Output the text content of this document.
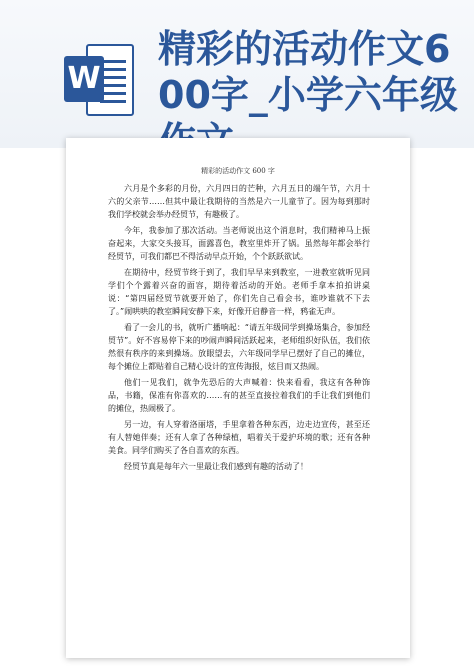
W
精彩的活动作文600字_小学六年级
精彩的活动作文 600 字

六月是个多彩的月份，六月四日的芒种，六月五日的端午节，六月十六的父亲节……但其中最让我期待的当然是六一儿童节了。因为每到那时我们学校就会举办经贸节，有趣极了。

今年，我参加了那次活动。当老师说出这个消息时，我们精神马上振奋起来，大家交头接耳，面露喜色，教室里炸开了锅。虽然每年都会举行经贸节，可我们都巴不得活动早点开始，个个跃跃欲试。

在期待中，经贸节终于到了，我们早早来到教室，一进教室就听见同学们个个露着兴奋的面容，期待着活动的开始。老师手拿本拍拍讲桌说：“第四届经贸节就要开始了，你们先自己看会书，谁吵谁就不下去了。”闹哄哄的教室瞬间安静下来，好像开启静音一样，鸦雀无声。

看了一会儿的书，就听广播响起：“请五年级同学到操场集合，参加经贸节”。好不容易停下来的吵闹声瞬间活跃起来，老师组织好队伍，我们依然很有秩序的来到操场。放眼望去，六年级同学早已摆好了自己的摊位，每个摊位上都贴着自己精心设计的宣传海报，炫目而又热闹。

他们一见我们，就争先恐后的大声喊着：快来看看，我这有各种饰品，书籍，保准有你喜欢的……有的甚至直接拉着我们的手让我们到他们的摊位，热闹极了。

另一边，有人穿着洛丽塔，手里拿着各种东西，边走边宣传，甚至还有人替她伴奏；还有人拿了各种绿植，唱着关于爱护环境的歌；还有各种美食。同学们购买了各自喜欢的东西。

经贸节真是每年六一里最让我们感到有趣的活动了！
